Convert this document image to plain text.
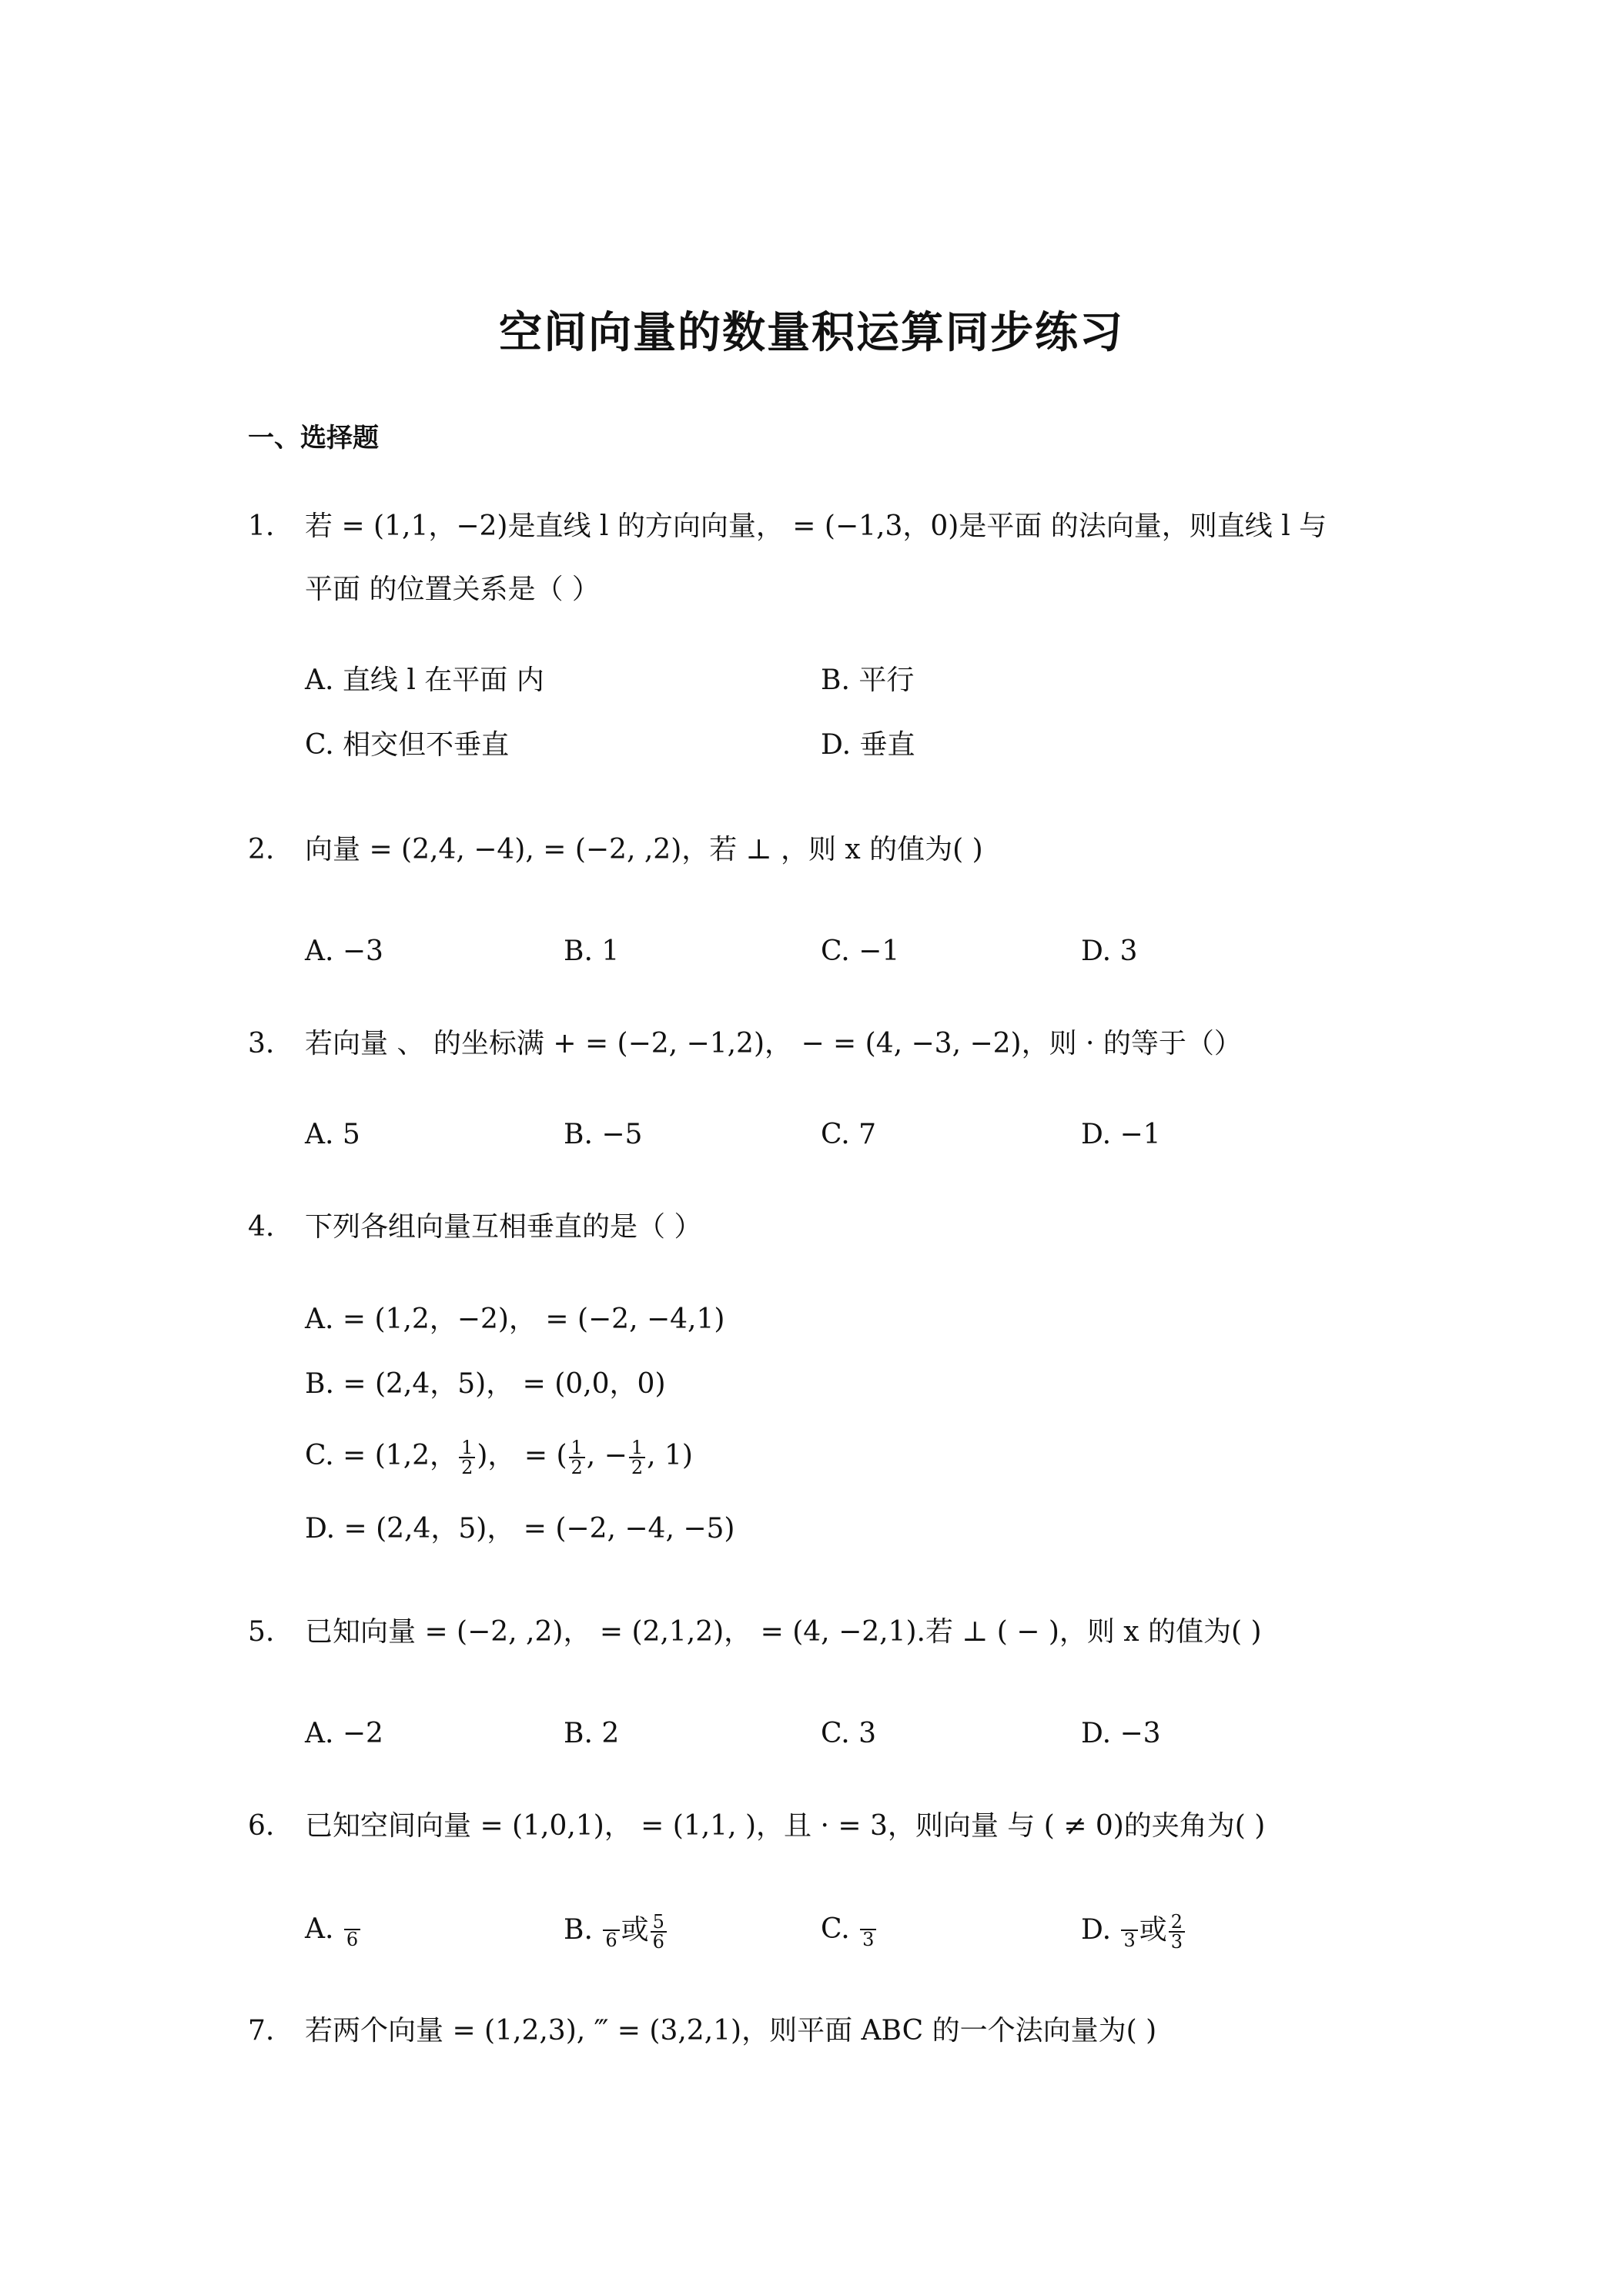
空间向量的数量积运算同步练习
一、选择题
1. 若 = (1,1，−2)是直线 l 的方向向量， = (−1,3，0)是平面 的法向量，则直线 l 与
平面 的位置关系是（ ）
A. 直线 l 在平面 内	B. 平行
C. 相交但不垂直	D. 垂直
2. 向量 = (2,4, −4), = (−2, ,2)，若 ⊥ ，则 x 的值为( )
A. −3	B. 1	C. −1	D. 3
3. 若向量 、 的坐标满 + = (−2, −1,2)， − = (4, −3, −2)，则 · 的等于（）
A. 5	B. −5	C. 7	D. −1
4. 下列各组向量互相垂直的是（ ）
A. = (1,2，−2)， = (−2, −4,1)
B. = (2,4，5)， = (0,0，0)
C. = (1,2， $\frac{1}{2}$ )， = ( $\frac{1}{2}$ , − $\frac{1}{2}$ , 1)
D. = (2,4，5)， = (−2, −4, −5)
5. 已知向量 = (−2, ,2)， = (2,1,2)， = (4, −2,1).若 ⊥ ( − )，则 x 的值为( )
A. −2	B. 2	C. 3	D. −3
6. 已知空间向量 = (1,0,1)， = (1,1, )，且 · = 3，则向量 与 ( ≠ 0)的夹角为( )
A. 6	B. 6 或 $\frac{5}{6}$	C. 3	D. 3 或 $\frac{2}{3}$
7. 若两个向量 = (1,2,3), ‴ = (3,2,1)，则平面 ABC 的一个法向量为( )
